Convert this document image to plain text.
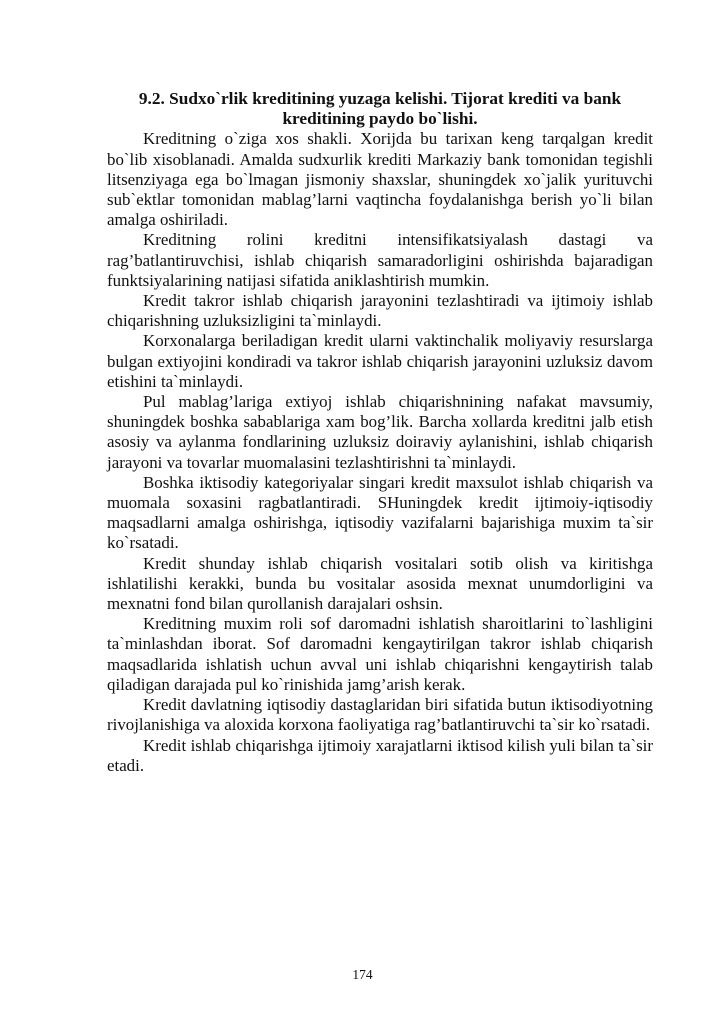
9.2. Sudxo`rlik kreditining yuzaga kelishi. Tijorat krediti va bank
kreditining paydo bo`lishi.

Kreditning o`ziga xos shakli. Xorijda bu tarixan keng tarqalgan kredit bo`lib xisoblanadi. Amalda sudxurlik krediti Markaziy bank tomonidan tegishli litsenziyaga ega bo`lmagan jismoniy shaxslar, shuningdek xo`jalik yurituvchi sub`ektlar tomonidan mablag’larni vaqtincha foydalanishga berish yo`li bilan amalga oshiriladi.

Kreditning rolini kreditni intensifikatsiyalash dastagi va rag’batlantiruvchisi, ishlab chiqarish samaradorligini oshirishda bajaradigan funktsiyalarining natijasi sifatida aniklashtirish mumkin.

Kredit takror ishlab chiqarish jarayonini tezlashtiradi va ijtimoiy ishlab chiqarishning uzluksizligini ta`minlaydi.

Korxonalarga beriladigan kredit ularni vaktinchalik moliyaviy resurslarga bulgan extiyojini kondiradi va takror ishlab chiqarish jarayonini uzluksiz davom etishini ta`minlaydi.

Pul mablag’lariga extiyoj ishlab chiqarishnining nafakat mavsumiy, shuningdek boshka sabablariga xam bog’lik. Barcha xollarda kreditni jalb etish asosiy va aylanma fondlarining uzluksiz doiraviy aylanishini, ishlab chiqarish jarayoni va tovarlar muomalasini tezlashtirishni ta`minlaydi.

Boshka iktisodiy kategoriyalar singari kredit maxsulot ishlab chiqarish va muomala soxasini ragbatlantiradi. SHuningdek kredit ijtimoiy-iqtisodiy maqsadlarni amalga oshirishga, iqtisodiy vazifalarni bajarishiga muxim ta`sir ko`rsatadi.

Kredit shunday ishlab chiqarish vositalari sotib olish va kiritishga ishlatilishi kerakki, bunda bu vositalar asosida mexnat unumdorligini va mexnatni fond bilan qurollanish darajalari oshsin.

Kreditning muxim roli sof daromadni ishlatish sharoitlarini to`lashligini ta`minlashdan iborat. Sof daromadni kengaytirilgan takror ishlab chiqarish maqsadlarida ishlatish uchun avval uni ishlab chiqarishni kengaytirish talab qiladigan darajada pul ko`rinishida jamg’arish kerak.

Kredit davlatning iqtisodiy dastaglaridan biri sifatida butun iktisodiyotning rivojlanishiga va aloxida korxona faoliyatiga rag’batlantiruvchi ta`sir ko`rsatadi.

Kredit ishlab chiqarishga ijtimoiy xarajatlarni iktisod kilish yuli bilan ta`sir etadi.

174
